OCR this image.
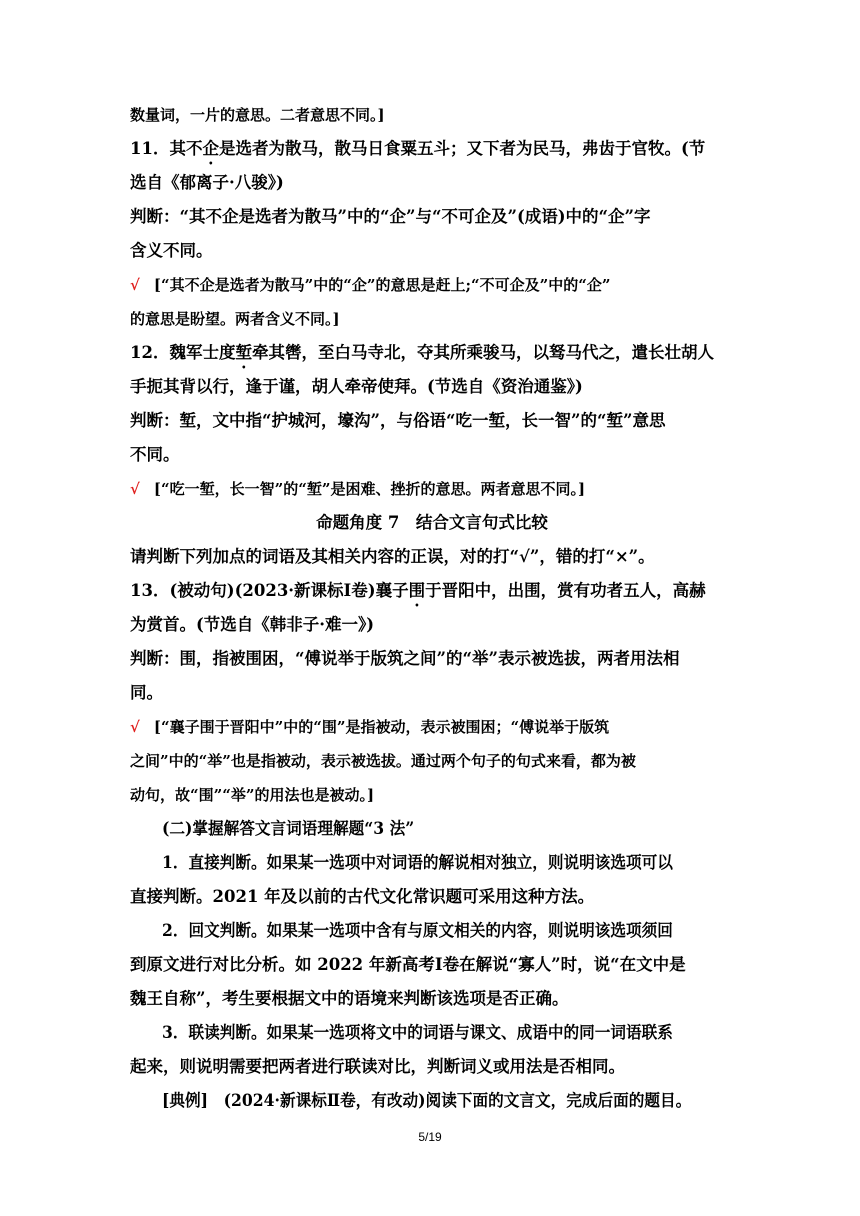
数量词，一片的意思。二者意思不同。]
11．其不企是选者为散马，散马日食粟五斗；又下者为民马，弗齿于官牧。(节
选自《郁离子·八骏》)
判断：“其不企是选者为散马”中的“企”与“不可企及”(成语)中的“企”字
含义不同。
√ [“其不企是选者为散马”中的“企”的意思是赶上;“不可企及”中的“企”
的意思是盼望。两者含义不同。]
12．魏军士度堑牵其辔，至白马寺北，夺其所乘骏马，以驽马代之，遣长壮胡人
手扼其背以行，逢于谨，胡人牵帝使拜。(节选自《资治通鉴》)
判断：堑，文中指“护城河，壕沟”，与俗语“吃一堑，长一智”的“堑”意思
不同。
√ [“吃一堑，长一智”的“堑”是困难、挫折的意思。两者意思不同。]
命题角度 7　结合文言句式比较
请判断下列加点的词语及其相关内容的正误，对的打“√”，错的打“×”。
13．(被动句)(2023·新课标Ⅰ卷)襄子围于晋阳中，出围，赏有功者五人，高赫
为赏首。(节选自《韩非子·难一》)
判断：围，指被围困，“傅说举于版筑之间”的“举”表示被选拔，两者用法相
同。
√ [“襄子围于晋阳中”中的“围”是指被动，表示被围困；“傅说举于版筑
之间”中的“举”也是指被动，表示被选拔。通过两个句子的句式来看，都为被
动句，故“围”“举”的用法也是被动。]
(二)掌握解答文言词语理解题“3 法”
1．直接判断。如果某一选项中对词语的解说相对独立，则说明该选项可以
直接判断。2021 年及以前的古代文化常识题可采用这种方法。
2．回文判断。如果某一选项中含有与原文相关的内容，则说明该选项须回
到原文进行对比分析。如 2022 年新高考Ⅰ卷在解说“寡人”时，说“在文中是
魏王自称”，考生要根据文中的语境来判断该选项是否正确。
3．联读判断。如果某一选项将文中的词语与课文、成语中的同一词语联系
起来，则说明需要把两者进行联读对比，判断词义或用法是否相同。
[典例]　(2024·新课标Ⅱ卷，有改动)阅读下面的文言文，完成后面的题目。
5/19
